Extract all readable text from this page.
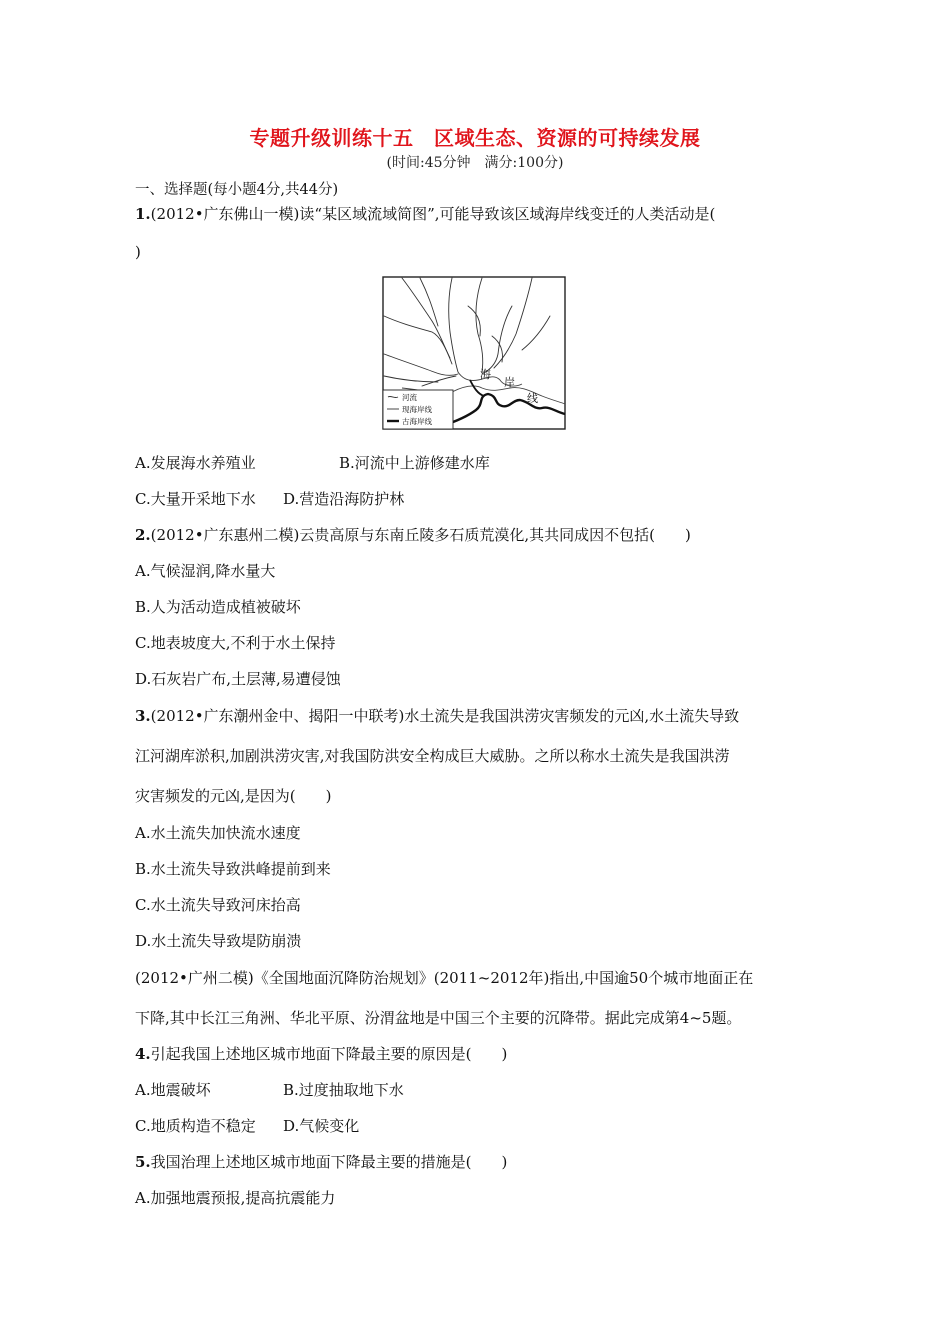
专题升级训练十五　区域生态、资源的可持续发展
(时间:45分钟　满分:100分)
一、选择题(每小题4分,共44分)
1.(2012•广东佛山一模)读“某区域流域简图”,可能导致该区域海岸线变迁的人类活动是(
)
海
岸
线
河流
现海岸线
古海岸线
A.发展海水养殖业	B.河流中上游修建水库
C.大量开采地下水 D.营造沿海防护林
2.(2012•广东惠州二模)云贵高原与东南丘陵多石质荒漠化,其共同成因不包括(　　)
A.气候湿润,降水量大
B.人为活动造成植被破坏
C.地表坡度大,不利于水土保持
D.石灰岩广布,土层薄,易遭侵蚀
3.(2012•广东潮州金中、揭阳一中联考)水土流失是我国洪涝灾害频发的元凶,水土流失导致
江河湖库淤积,加剧洪涝灾害,对我国防洪安全构成巨大威胁。之所以称水土流失是我国洪涝
灾害频发的元凶,是因为(　　)
A.水土流失加快流水速度
B.水土流失导致洪峰提前到来
C.水土流失导致河床抬高
D.水土流失导致堤防崩溃
(2012•广州二模)《全国地面沉降防治规划》(2011~2012年)指出,中国逾50个城市地面正在
下降,其中长江三角洲、华北平原、汾渭盆地是中国三个主要的沉降带。据此完成第4~5题。
4.引起我国上述地区城市地面下降最主要的原因是(　　)
A.地震破坏	B.过度抽取地下水
C.地质构造不稳定 D.气候变化
5.我国治理上述地区城市地面下降最主要的措施是(　　)
A.加强地震预报,提高抗震能力
